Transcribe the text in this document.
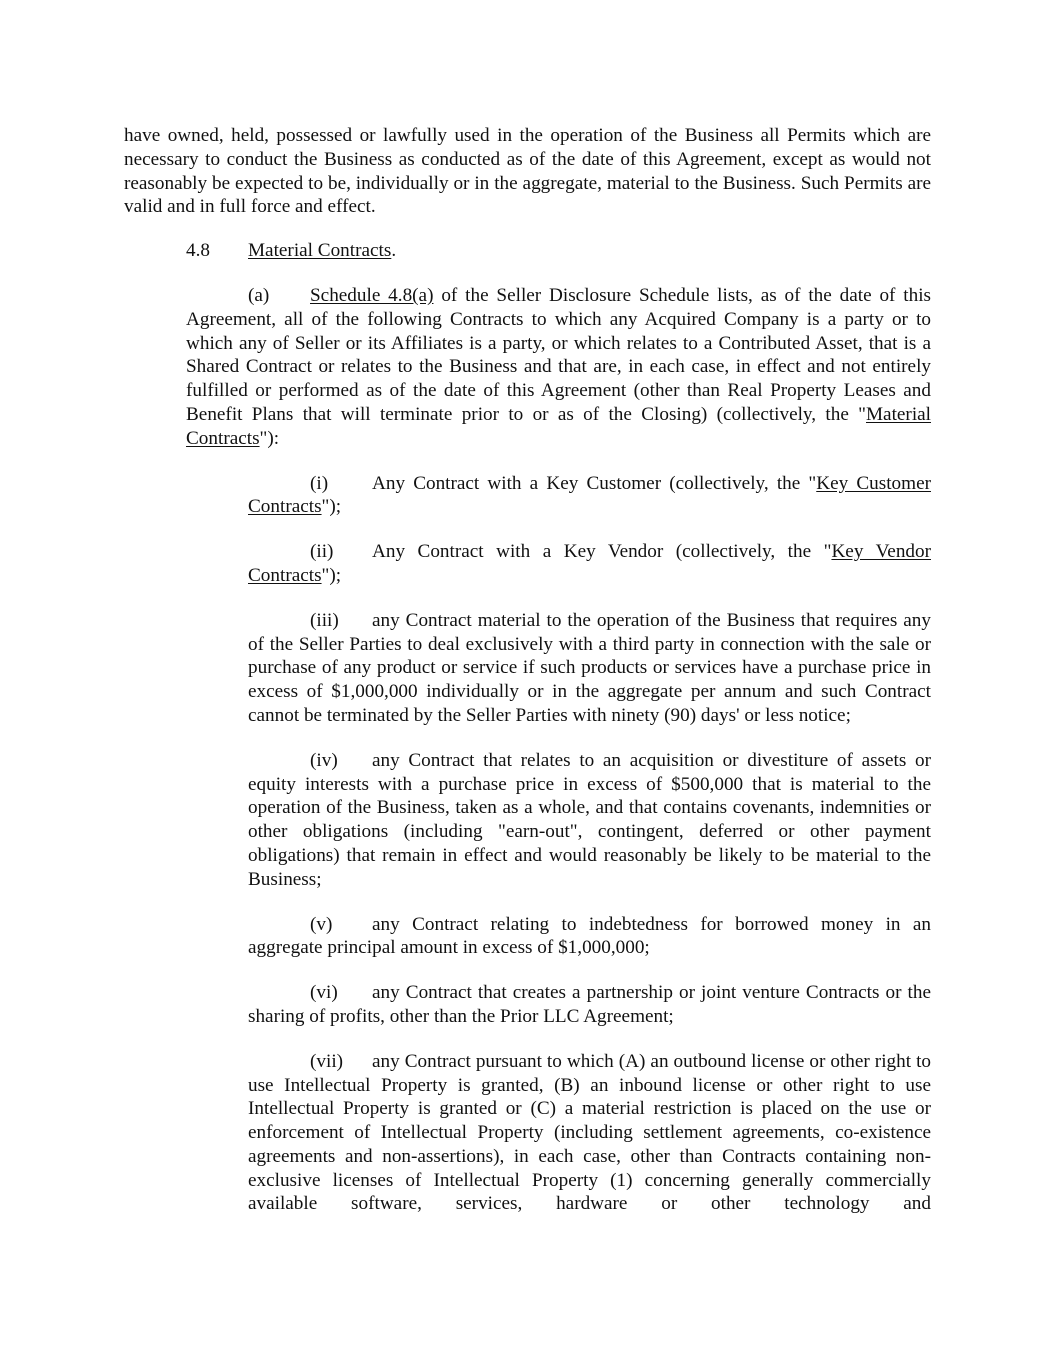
have owned, held, possessed or lawfully used in the operation of the Business all Permits which are necessary to conduct the Business as conducted as of the date of this Agreement, except as would not reasonably be expected to be, individually or in the aggregate, material to the Business. Such Permits are valid and in full force and effect.

4.8 Material Contracts.

(a) Schedule 4.8(a) of the Seller Disclosure Schedule lists, as of the date of this Agreement, all of the following Contracts to which any Acquired Company is a party or to which any of Seller or its Affiliates is a party, or which relates to a Contributed Asset, that is a Shared Contract or relates to the Business and that are, in each case, in effect and not entirely fulfilled or performed as of the date of this Agreement (other than Real Property Leases and Benefit Plans that will terminate prior to or as of the Closing) (collectively, the "Material Contracts"):

(i) Any Contract with a Key Customer (collectively, the "Key Customer Contracts");

(ii) Any Contract with a Key Vendor (collectively, the "Key Vendor Contracts");

(iii) any Contract material to the operation of the Business that requires any of the Seller Parties to deal exclusively with a third party in connection with the sale or purchase of any product or service if such products or services have a purchase price in excess of $1,000,000 individually or in the aggregate per annum and such Contract cannot be terminated by the Seller Parties with ninety (90) days' or less notice;

(iv) any Contract that relates to an acquisition or divestiture of assets or equity interests with a purchase price in excess of $500,000 that is material to the operation of the Business, taken as a whole, and that contains covenants, indemnities or other obligations (including "earn-out", contingent, deferred or other payment obligations) that remain in effect and would reasonably be likely to be material to the Business;

(v) any Contract relating to indebtedness for borrowed money in an aggregate principal amount in excess of $1,000,000;

(vi) any Contract that creates a partnership or joint venture Contracts or the sharing of profits, other than the Prior LLC Agreement;

(vii) any Contract pursuant to which (A) an outbound license or other right to use Intellectual Property is granted, (B) an inbound license or other right to use Intellectual Property is granted or (C) a material restriction is placed on the use or enforcement of Intellectual Property (including settlement agreements, co-existence agreements and non-assertions), in each case, other than Contracts containing non-exclusive licenses of Intellectual Property (1) concerning generally commercially available software, services, hardware or other technology and
